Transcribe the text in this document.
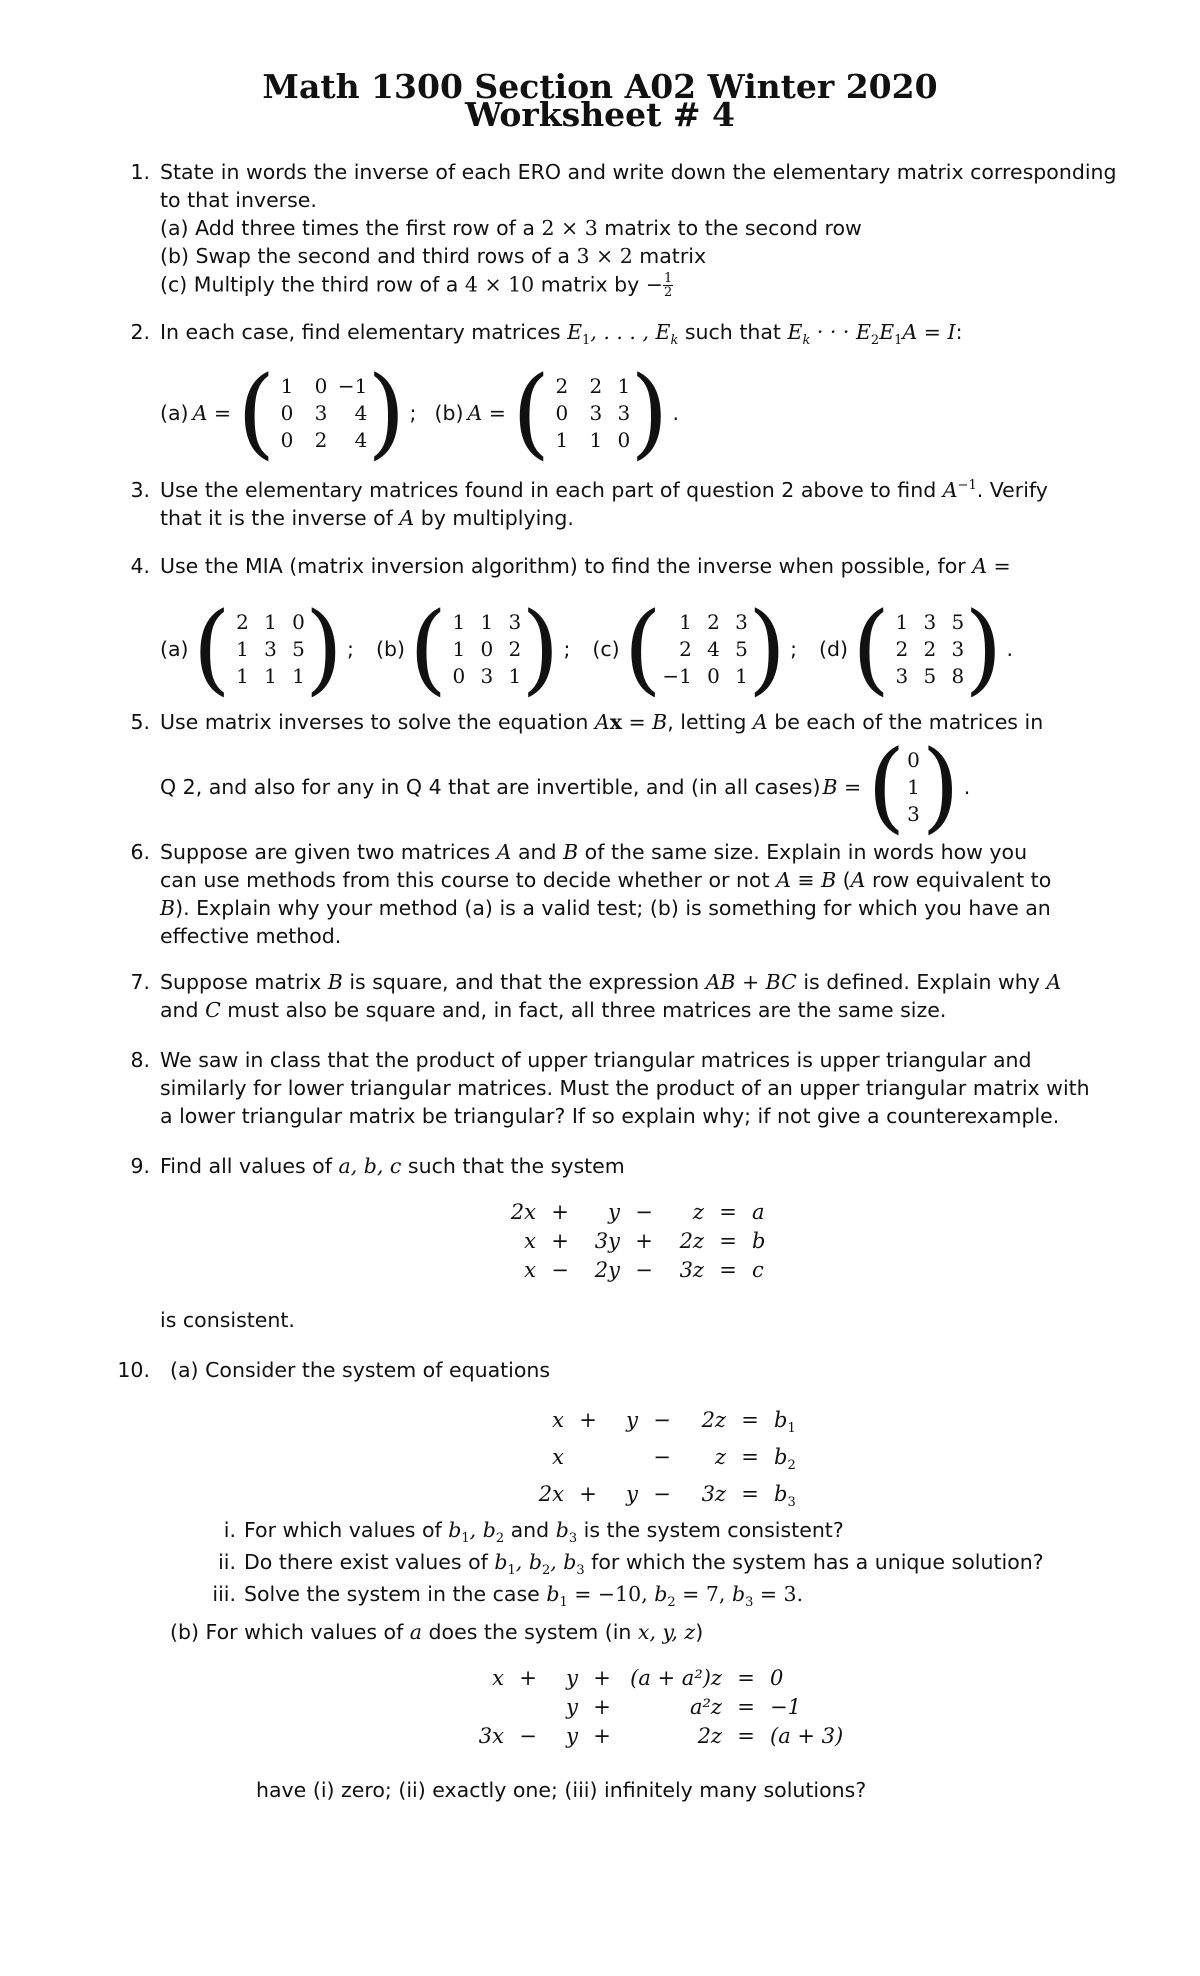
Math 1300 Section A02 Winter 2020
Worksheet # 4
1. State in words the inverse of each ERO and write down the elementary matrix corresponding
to that inverse.
(a) Add three times the first row of a 2 × 3 matrix to the second row
(b) Swap the second and third rows of a 3 × 2 matrix
(c) Multiply the third row of a 4 × 10 matrix by − $\frac{1}{2}$
2. In each case, find elementary matrices $E_1$, . . . , $E_k$ such that $E_k$ · · · $E_2E_1A = I$:
(a) A = ( 1	0 −1
0	3	4
0	2	4 ) ; (b) A = ( 2	2 1
0	3 3
1	1 0 ) .
3. Use the elementary matrices found in each part of question 2 above to find $A^{-1}$. Verify
that it is the inverse of A by multiplying.
4. Use the MIA (matrix inversion algorithm) to find the inverse when possible, for A =
(a) ( 2 1 0
1 3 5
1 1 1 ) ; (b) ( 1 1 3
1 0 2
0 3 1 ) ; (c) ( 1 2 3
2 4 5
−1 0 1 ) ; (d) ( 1 3 5
2 2 3
3 5 8 ) .
5. Use matrix inverses to solve the equation Ax = B, letting A be each of the matrices in
Q 2, and also for any in Q 4 that are invertible, and (in all cases) B = ( 0
1
3 ) .
6. Suppose are given two matrices A and B of the same size. Explain in words how you
can use methods from this course to decide whether or not A ≡ B (A row equivalent to
B). Explain why your method (a) is a valid test; (b) is something for which you have an
effective method.
7. Suppose matrix B is square, and that the expression AB + BC is defined. Explain why A
and C must also be square and, in fact, all three matrices are the same size.
8. We saw in class that the product of upper triangular matrices is upper triangular and
similarly for lower triangular matrices. Must the product of an upper triangular matrix with
a lower triangular matrix be triangular? If so explain why; if not give a counterexample.
9. Find all values of a, b, c such that the system
2x +	y −	z = a
x +	3y +	2z = b
x −	2y −	3z = c
is consistent.
10. (a) Consider the system of equations
x +	y −	$2z = b_1$
x	−	$z = b_2$
2x +	y −	$3z = b_3$
i. For which values of $b_1$, $b_2$ and $b_3$ is the system consistent?
ii. Do there exist values of $b_1$, $b_2$, $b_3$ for which the system has a unique solution?
iii. Solve the system in the case $b_1 = -10$, $b_2 = 7$, $b_3 = 3$.
(b) For which values of a does the system (in x, y, z)
x +	y + (a + a²)z = 0
y +	a²z = −1
3x −	y +	2z = (a + 3)
have (i) zero; (ii) exactly one; (iii) infinitely many solutions?
